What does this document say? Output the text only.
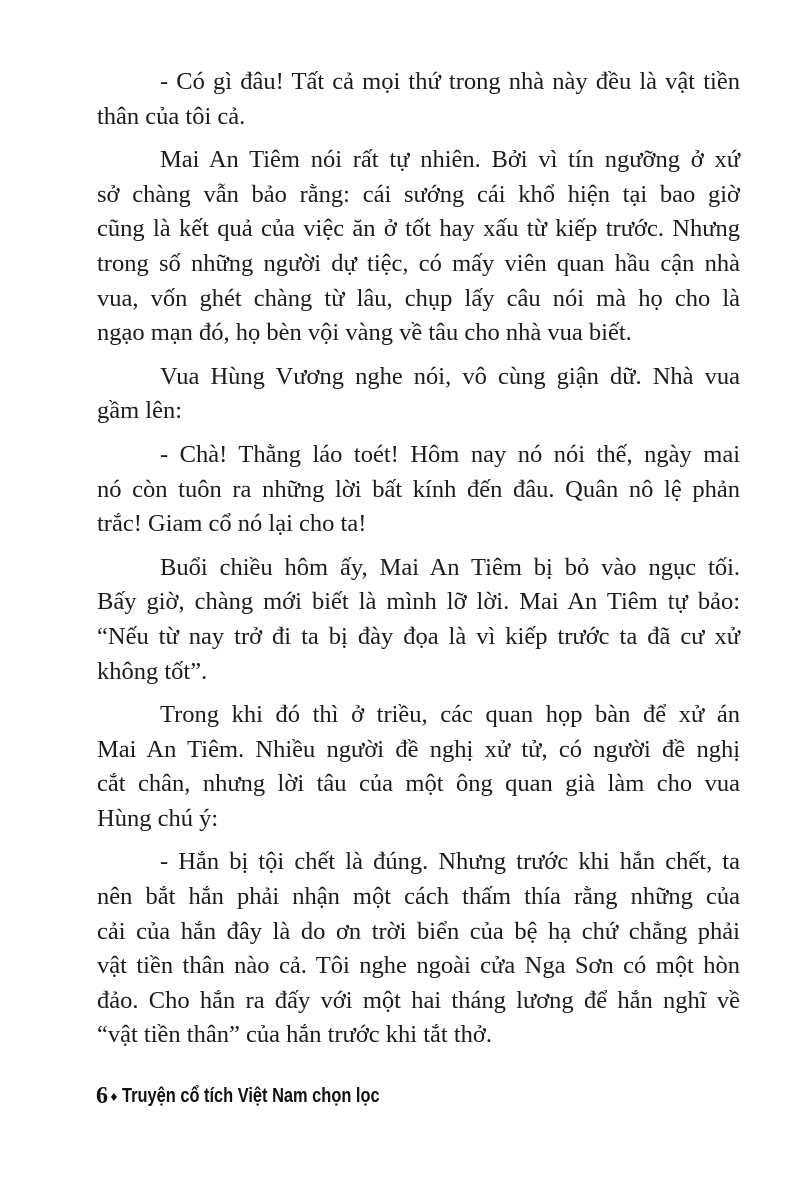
- Có gì đâu! Tất cả mọi thứ trong nhà này đều là vật tiền
thân của tôi cả.
Mai An Tiêm nói rất tự nhiên. Bởi vì tín ngưỡng ở xứ
sở chàng vẫn bảo rằng: cái sướng cái khổ hiện tại bao giờ
cũng là kết quả của việc ăn ở tốt hay xấu từ kiếp trước. Nhưng
trong số những người dự tiệc, có mấy viên quan hầu cận nhà
vua, vốn ghét chàng từ lâu, chụp lấy câu nói mà họ cho là
ngạo mạn đó, họ bèn vội vàng về tâu cho nhà vua biết.
Vua Hùng Vương nghe nói, vô cùng giận dữ. Nhà vua
gầm lên:
- Chà! Thằng láo toét! Hôm nay nó nói thế, ngày mai
nó còn tuôn ra những lời bất kính đến đâu. Quân nô lệ phản
trắc! Giam cổ nó lại cho ta!
Buổi chiều hôm ấy, Mai An Tiêm bị bỏ vào ngục tối.
Bấy giờ, chàng mới biết là mình lỡ lời. Mai An Tiêm tự bảo:
“Nếu từ nay trở đi ta bị đày đọa là vì kiếp trước ta đã cư xử
không tốt”.
Trong khi đó thì ở triều, các quan họp bàn để xử án
Mai An Tiêm. Nhiều người đề nghị xử tử, có người đề nghị
cắt chân, nhưng lời tâu của một ông quan già làm cho vua
Hùng chú ý:
- Hắn bị tội chết là đúng. Nhưng trước khi hắn chết, ta
nên bắt hắn phải nhận một cách thấm thía rằng những của
cải của hắn đây là do ơn trời biển của bệ hạ chứ chẳng phải
vật tiền thân nào cả. Tôi nghe ngoài cửa Nga Sơn có một hòn
đảo. Cho hắn ra đấy với một hai tháng lương để hắn nghĩ về
“vật tiền thân” của hắn trước khi tắt thở.
6 ♦ Truyện cổ tích Việt Nam chọn lọc
